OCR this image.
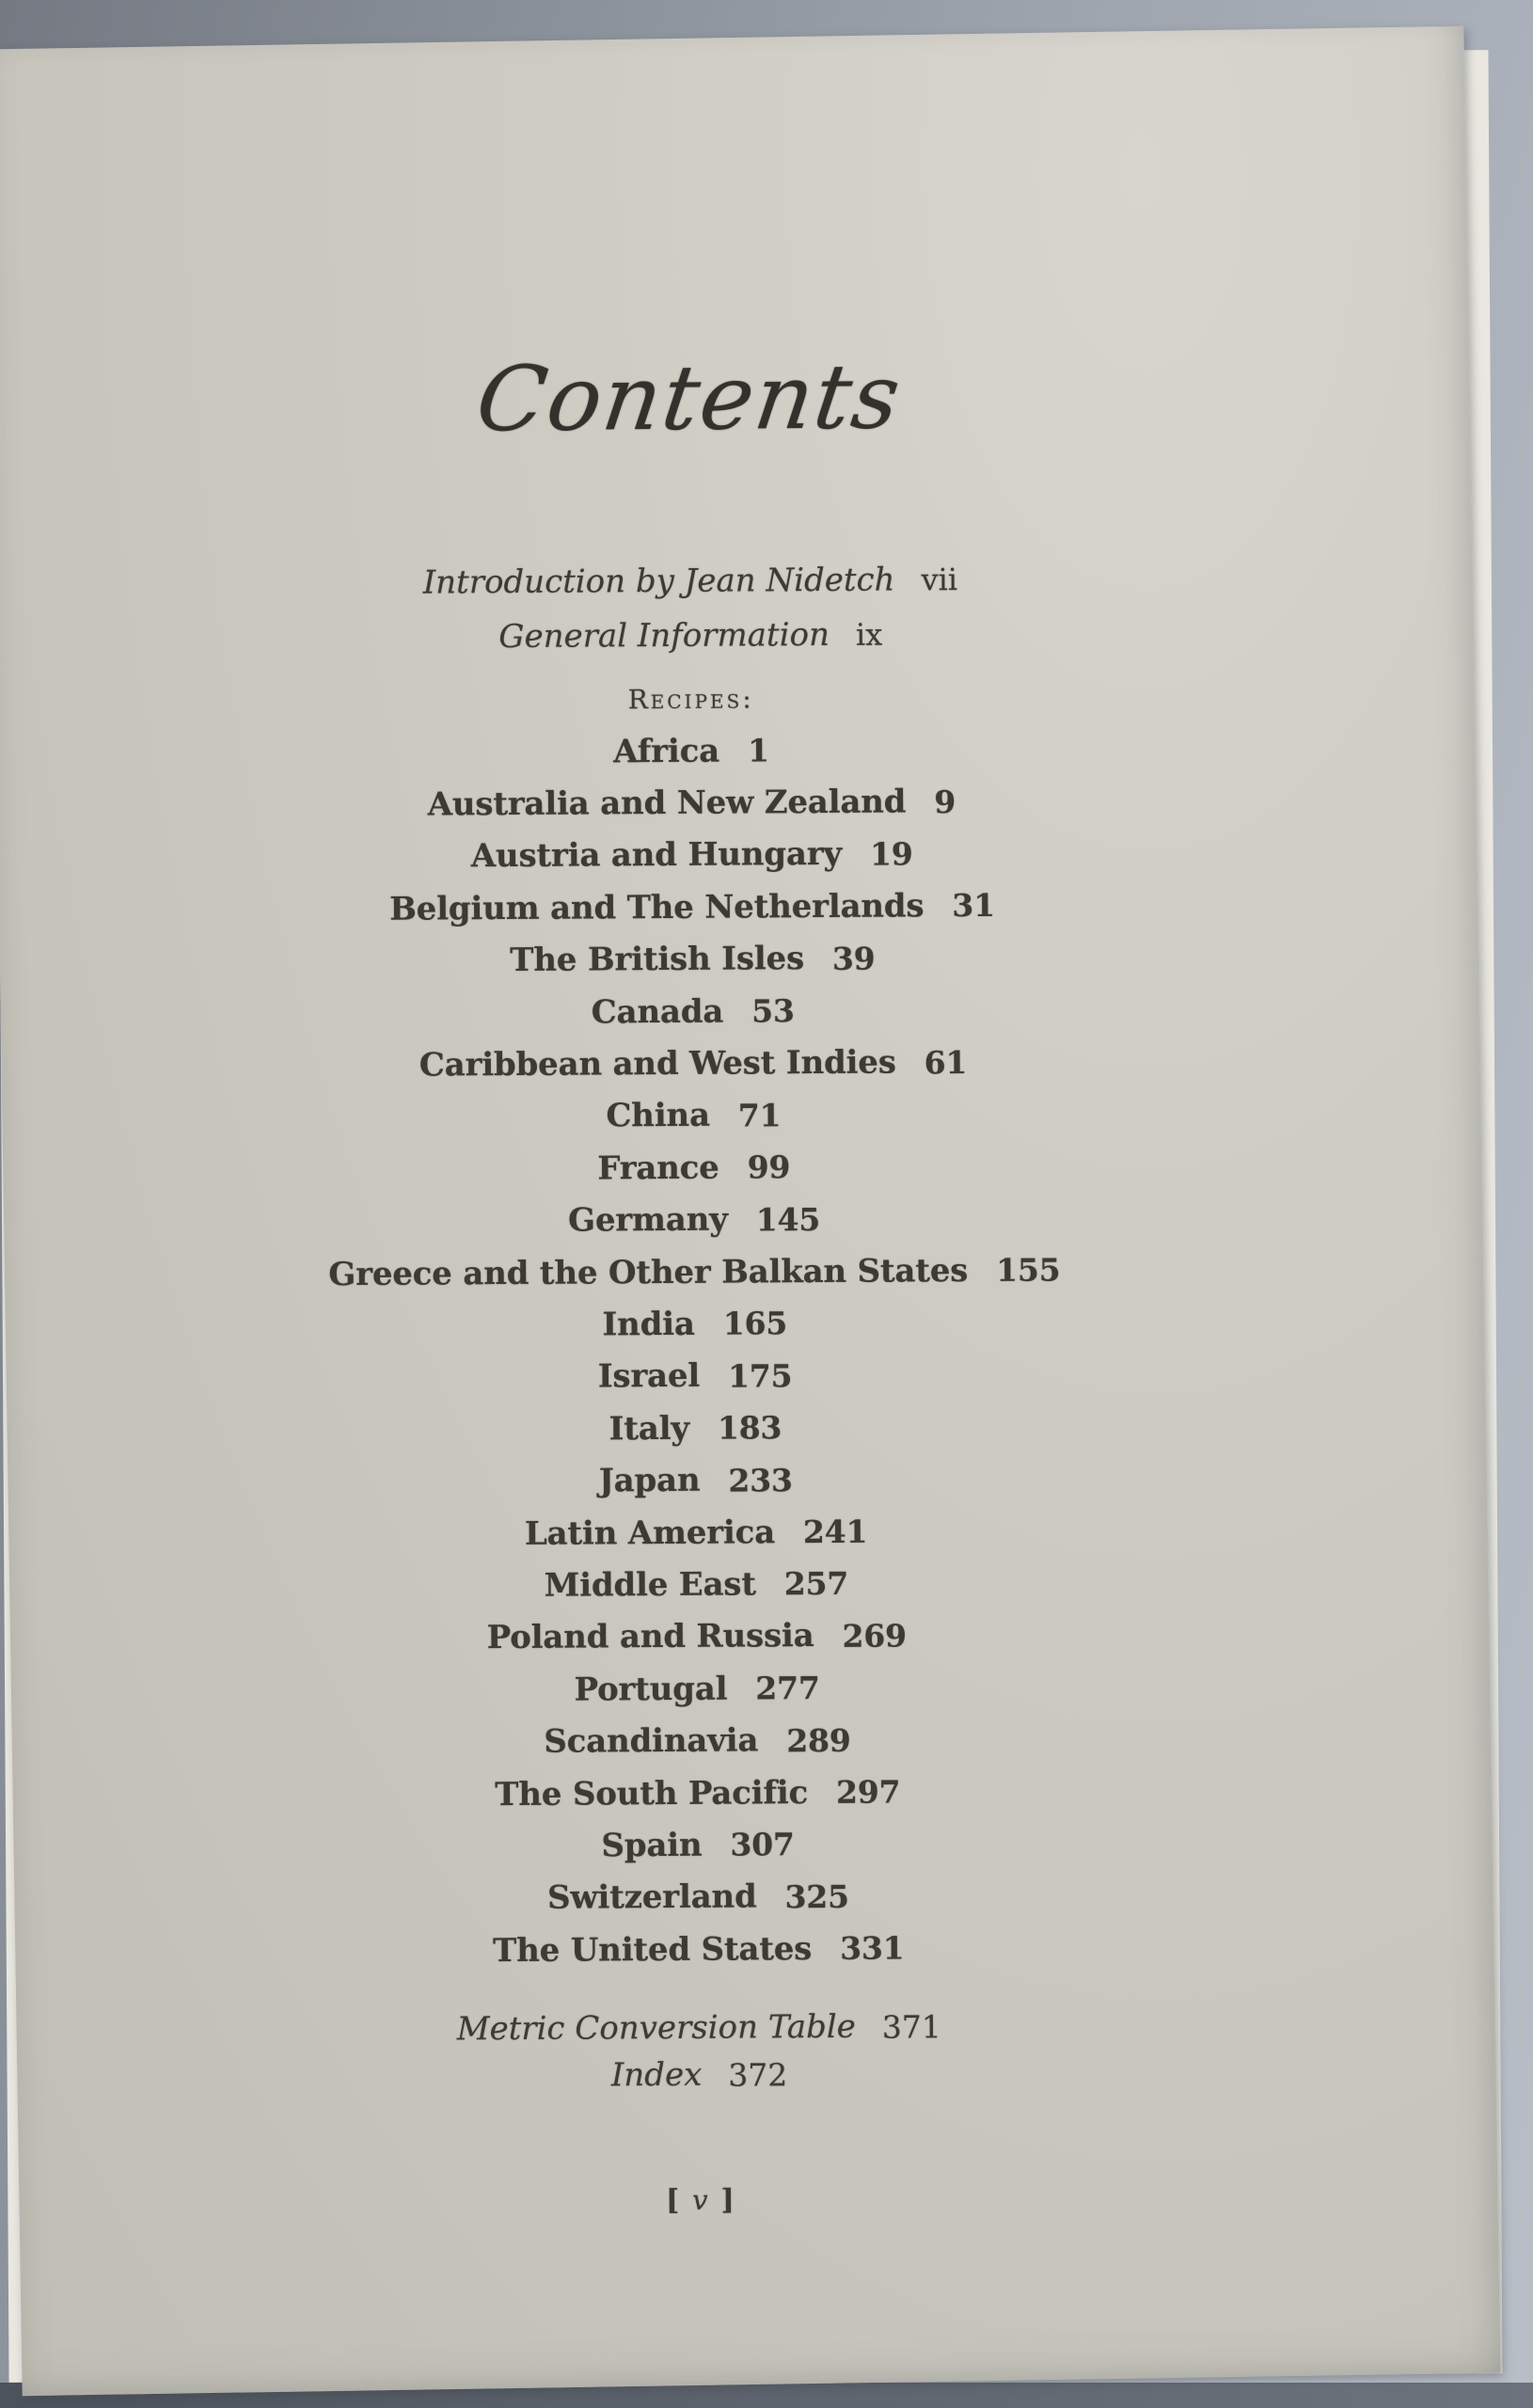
Contents
Introduction by Jean Nidetch vii
General Information ix
Recipes:
Africa 1
Australia and New Zealand 9
Austria and Hungary 19
Belgium and The Netherlands 31
The British Isles 39
Canada 53
Caribbean and West Indies 61
China 71
France 99
Germany 145
Greece and the Other Balkan States 155
India 165
Israel 175
Italy 183
Japan 233
Latin America 241
Middle East 257
Poland and Russia 269
Portugal 277
Scandinavia 289
The South Pacific 297
Spain 307
Switzerland 325
The United States 331
Metric Conversion Table 371
Index 372
[ v ]
